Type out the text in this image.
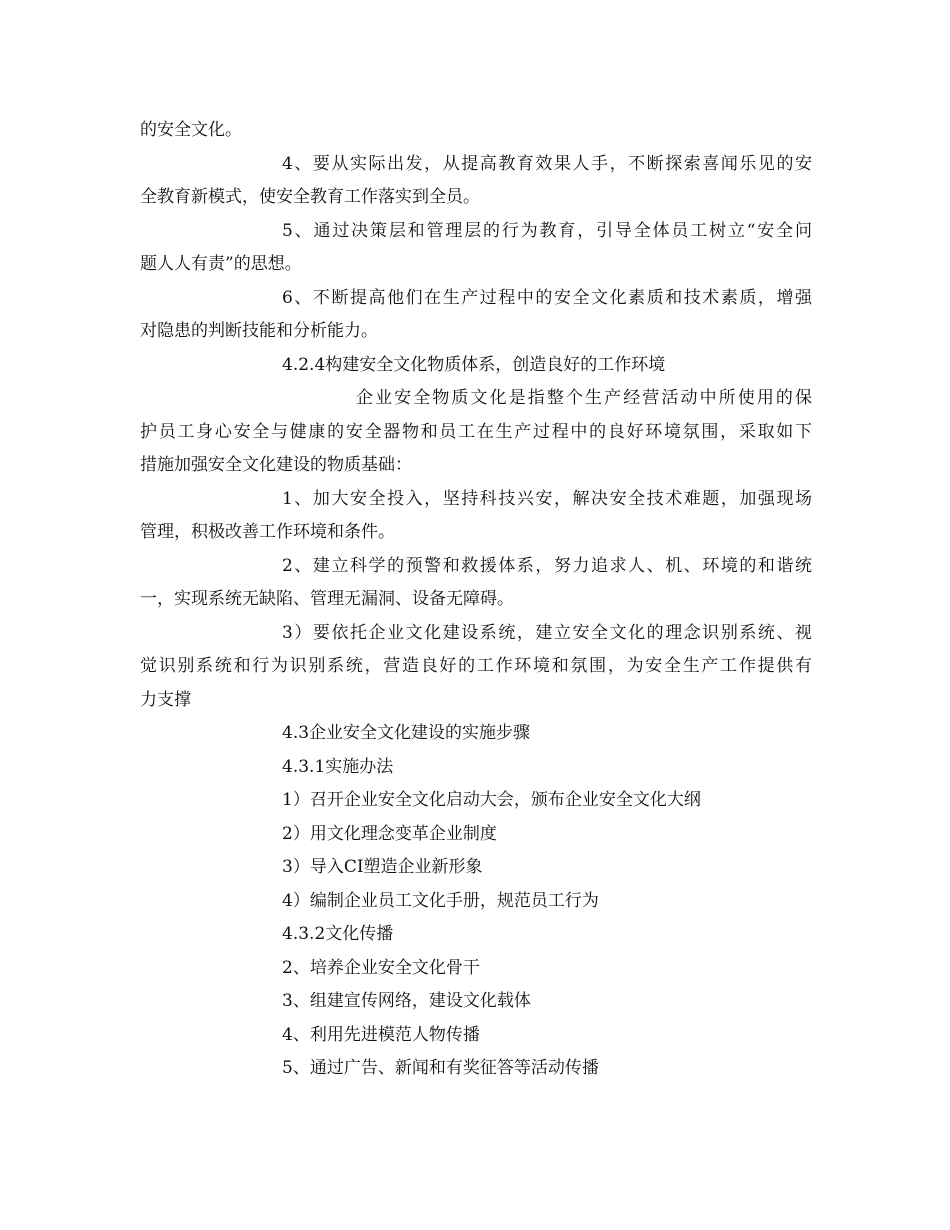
的安全文化。
4、要从实际出发，从提高教育效果人手，不断探索喜闻乐见的安
全教育新模式，使安全教育工作落实到全员。
5、通过决策层和管理层的行为教育，引导全体员工树立“安全问
题人人有责”的思想。
6、不断提高他们在生产过程中的安全文化素质和技术素质，增强
对隐患的判断技能和分析能力。
4.2.4构建安全文化物质体系，创造良好的工作环境
企业安全物质文化是指整个生产经营活动中所使用的保
护员工身心安全与健康的安全器物和员工在生产过程中的良好环境氛围，采取如下
措施加强安全文化建设的物质基础：
1、加大安全投入，坚持科技兴安，解决安全技术难题，加强现场
管理，积极改善工作环境和条件。
2、建立科学的预警和救援体系，努力追求人、机、环境的和谐统
一，实现系统无缺陷、管理无漏洞、设备无障碍。
3）要依托企业文化建设系统，建立安全文化的理念识别系统、视
觉识别系统和行为识别系统，营造良好的工作环境和氛围，为安全生产工作提供有
力支撑
4.3企业安全文化建设的实施步骤
4.3.1实施办法
1）召开企业安全文化启动大会，颁布企业安全文化大纲
2）用文化理念变革企业制度
3）导入CI塑造企业新形象
4）编制企业员工文化手册，规范员工行为
4.3.2文化传播
2、培养企业安全文化骨干
3、组建宣传网络，建设文化载体
4、利用先进模范人物传播
5、通过广告、新闻和有奖征答等活动传播
